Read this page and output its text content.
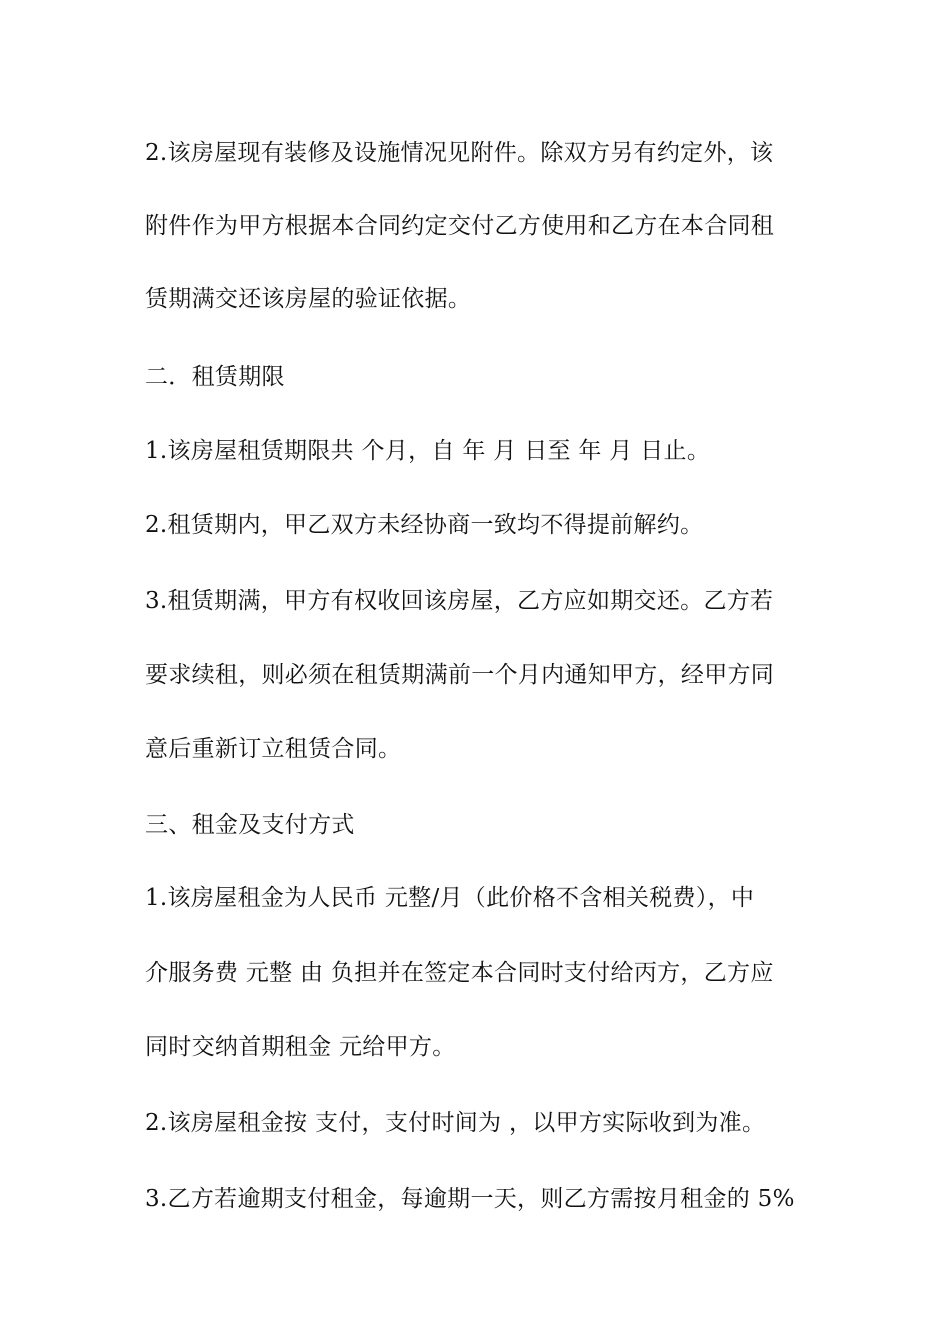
2.该房屋现有装修及设施情况见附件。除双方另有约定外，该
附件作为甲方根据本合同约定交付乙方使用和乙方在本合同租
赁期满交还该房屋的验证依据。
二．租赁期限
1.该房屋租赁期限共 个月，自 年 月 日至 年 月 日止。
2.租赁期内，甲乙双方未经协商一致均不得提前解约。
3.租赁期满，甲方有权收回该房屋，乙方应如期交还。乙方若
要求续租，则必须在租赁期满前一个月内通知甲方，经甲方同
意后重新订立租赁合同。
三、租金及支付方式
1.该房屋租金为人民币 元整/月（此价格不含相关税费），中
介服务费 元整 由 负担并在签定本合同时支付给丙方，乙方应
同时交纳首期租金 元给甲方。
2.该房屋租金按 支付，支付时间为 ，以甲方实际收到为准。
3.乙方若逾期支付租金，每逾期一天，则乙方需按月租金的 5%
